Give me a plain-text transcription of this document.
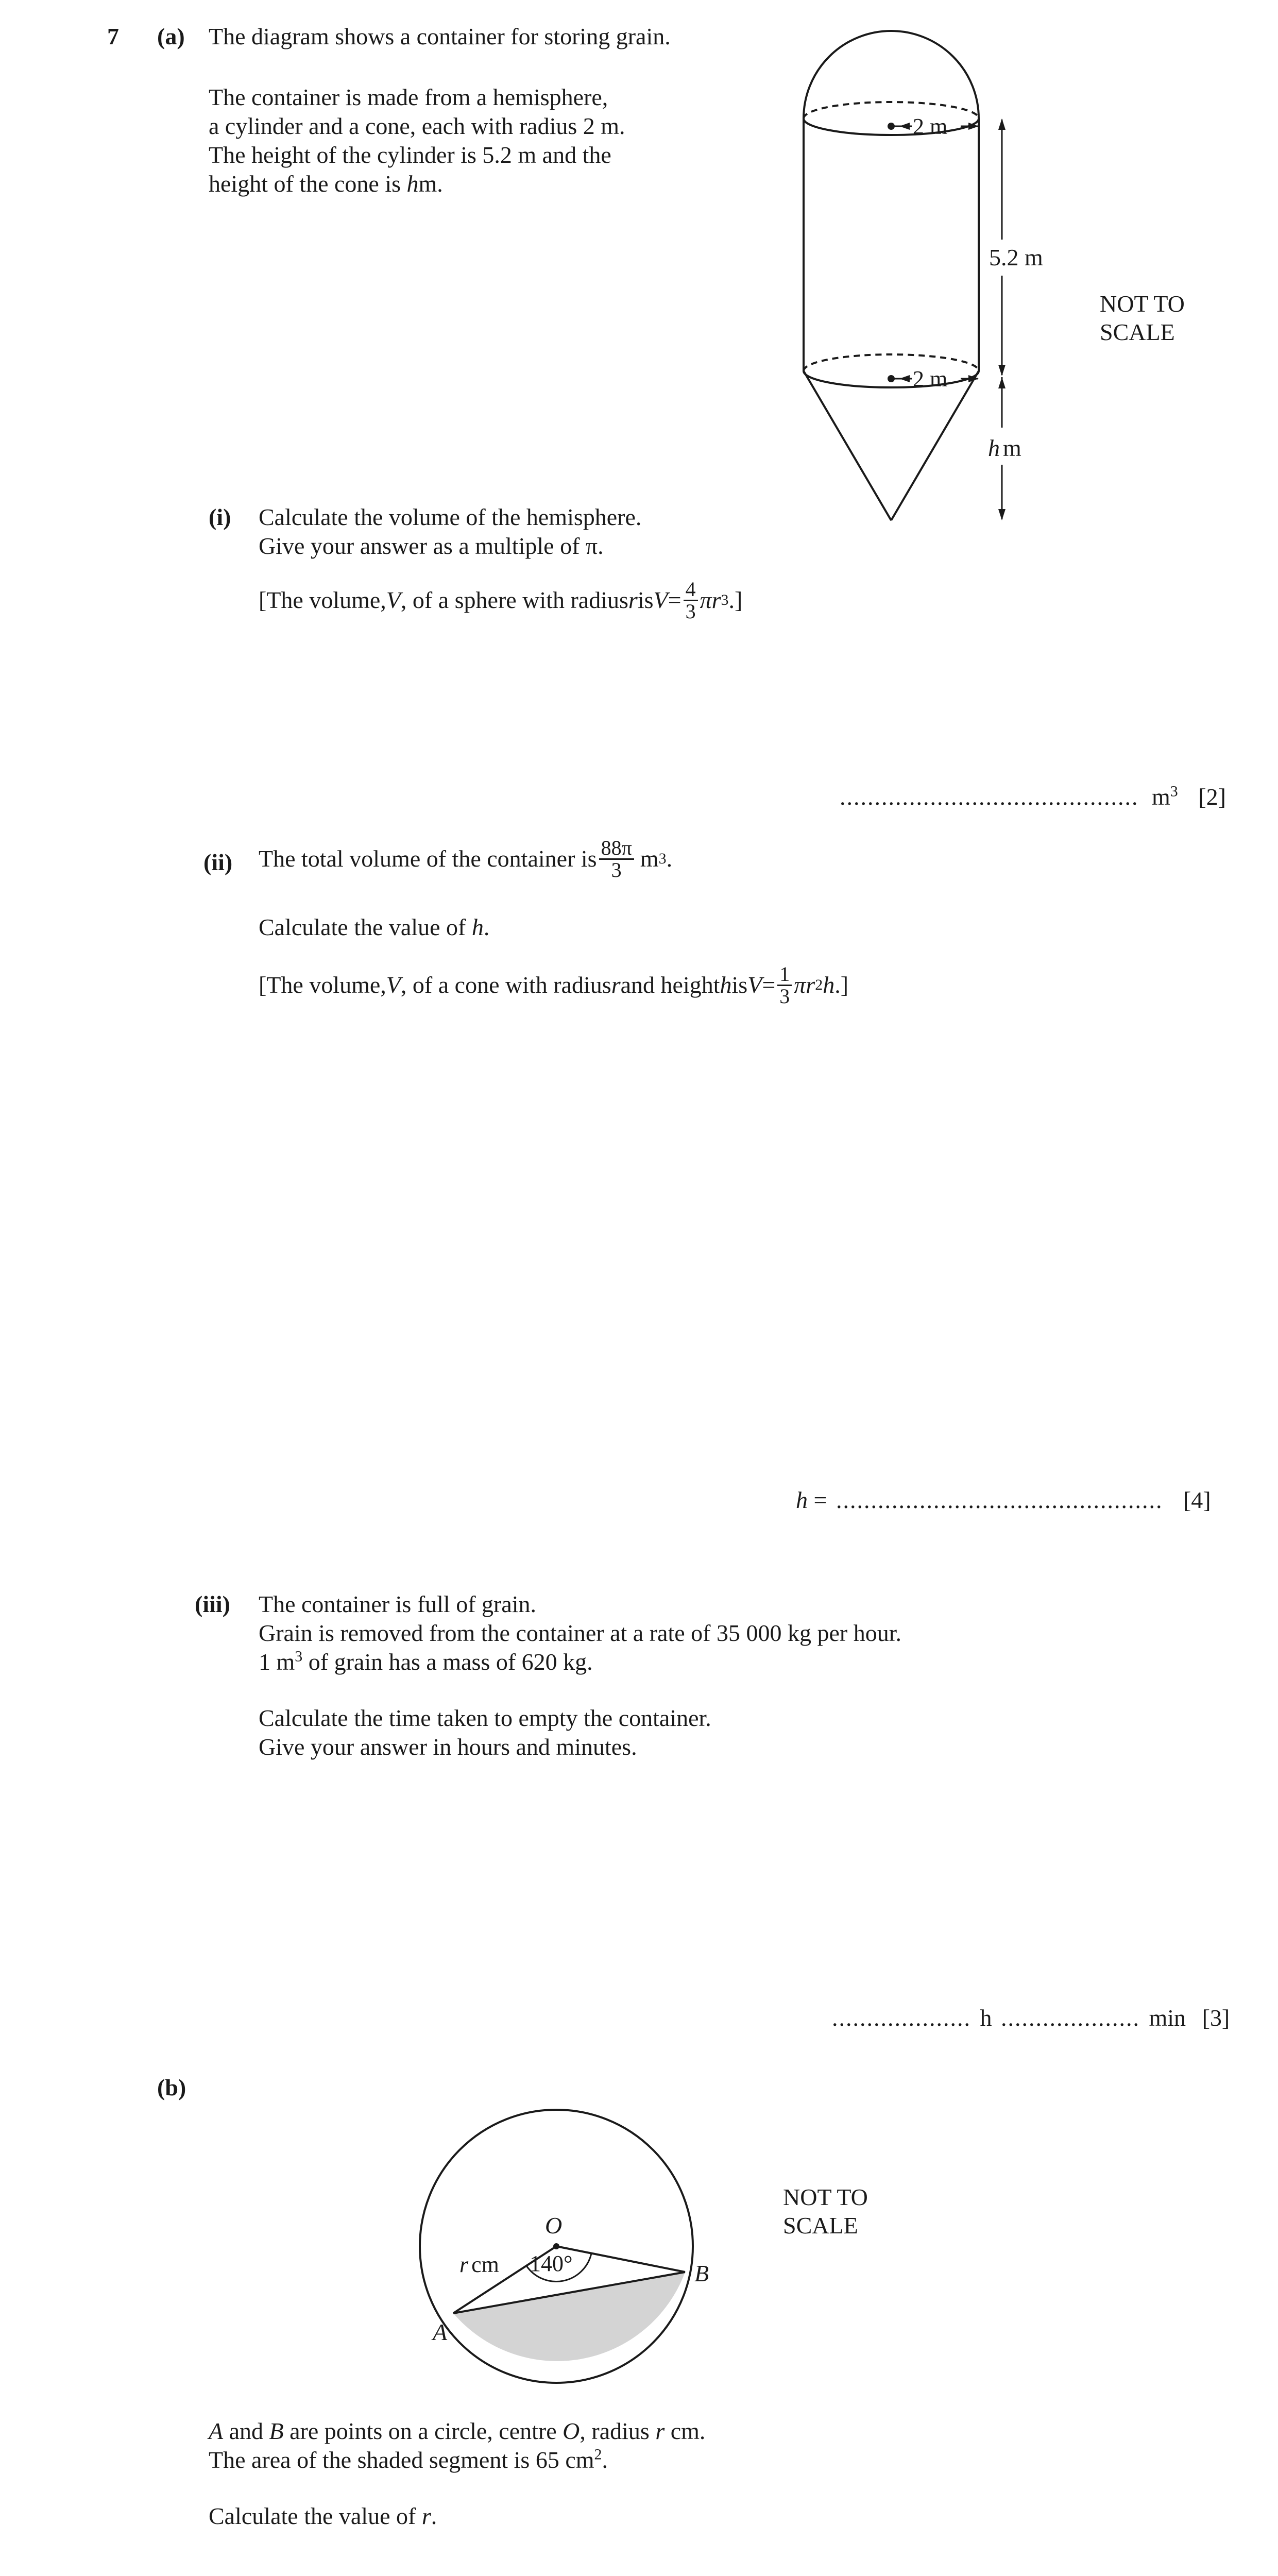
7 (a) The diagram shows a container for storing grain.
The container is made from a hemisphere,
a cylinder and a cone, each with radius 2 m.
The height of the cylinder is 5.2 m and the
height of the cone is hm.
2 m
2 m
5.2 m
h m
NOT TO
SCALE
(i) Calculate the volume of the hemisphere.
Give your answer as a multiple of π.
[The volume, V , of a sphere with radius r is $V = \frac{4}{3}$ πr 3 .]
........................................... $m^3$ [2]
(ii) The total volume of the container is $\frac{88\pi}{3}$ m 3 .
Calculate the value of h.
[The volume, V , of a cone with radius r and height h is $V = \frac{1}{3}$ πr 2 h .]
h = ............................................... [4]
(iii) The container is full of grain.
Grain is removed from the container at a rate of 35 000 kg per hour.
1 $m^3$ of grain has a mass of 620 kg.
Calculate the time taken to empty the container.
Give your answer in hours and minutes.
.................... h .................... min [3]
(b)
O
A
B
r cm 140°
NOT TO
SCALE
A and B are points on a circle, centre O, radius r cm.
The area of the shaded segment is 65 $cm^2$.
Calculate the value of r.
